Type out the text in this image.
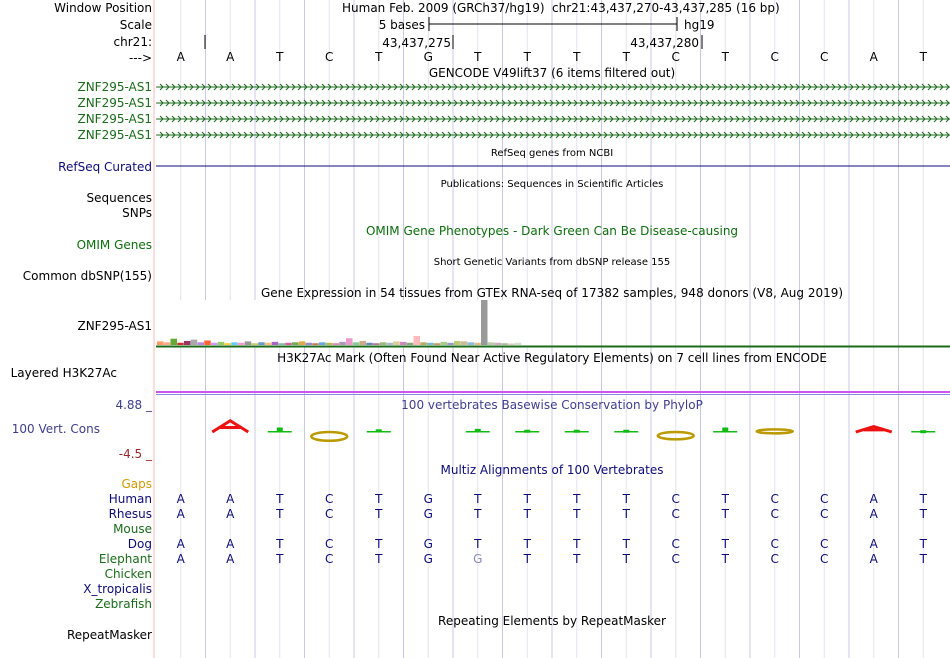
Window Position
Scale
chr21:
--->
Human Feb. 2009 (GRCh37/hg19) chr21:43,437,270-43,437,285 (16 bp)
5 bases	hg19
43,437,275	43,437,280
A	A	T	C	T	G	T	T	T	T	C	T	C	C	A	T
GENCODE V49lift37 (6 items filtered out)
ZNF295-AS1
ZNF295-AS1
ZNF295-AS1
ZNF295-AS1
RefSeq genes from NCBI
RefSeq Curated
Publications: Sequences in Scientific Articles
Sequences
SNPs
OMIM Gene Phenotypes - Dark Green Can Be Disease-causing
OMIM Genes
Short Genetic Variants from dbSNP release 155
Common dbSNP(155)
Gene Expression in 54 tissues from GTEx RNA-seq of 17382 samples, 948 donors (V8, Aug 2019)
ZNF295-AS1
H3K27Ac Mark (Often Found Near Active Regulatory Elements) on 7 cell lines from ENCODE
Layered H3K27Ac
100 vertebrates Basewise Conservation by PhyloP
4.88 _
100 Vert. Cons
-4.5 _
Multiz Alignments of 100 Vertebrates
Gaps
Human A	A	T	C	T	G	T	T	T	T	C	T	C	C	A	T
Rhesus A	A	T	C	T	G	T	T	T	T	C	T	C	C	A	T
Mouse
Dog A	A	T	C	T	G	T	T	T	T	C	T	C	C	A	T
Elephant A	A	T	C	T	G	G	T	T	T	C	T	C	C	A	T
Chicken
X_tropicalis
Zebrafish
Repeating Elements by RepeatMasker
RepeatMasker
